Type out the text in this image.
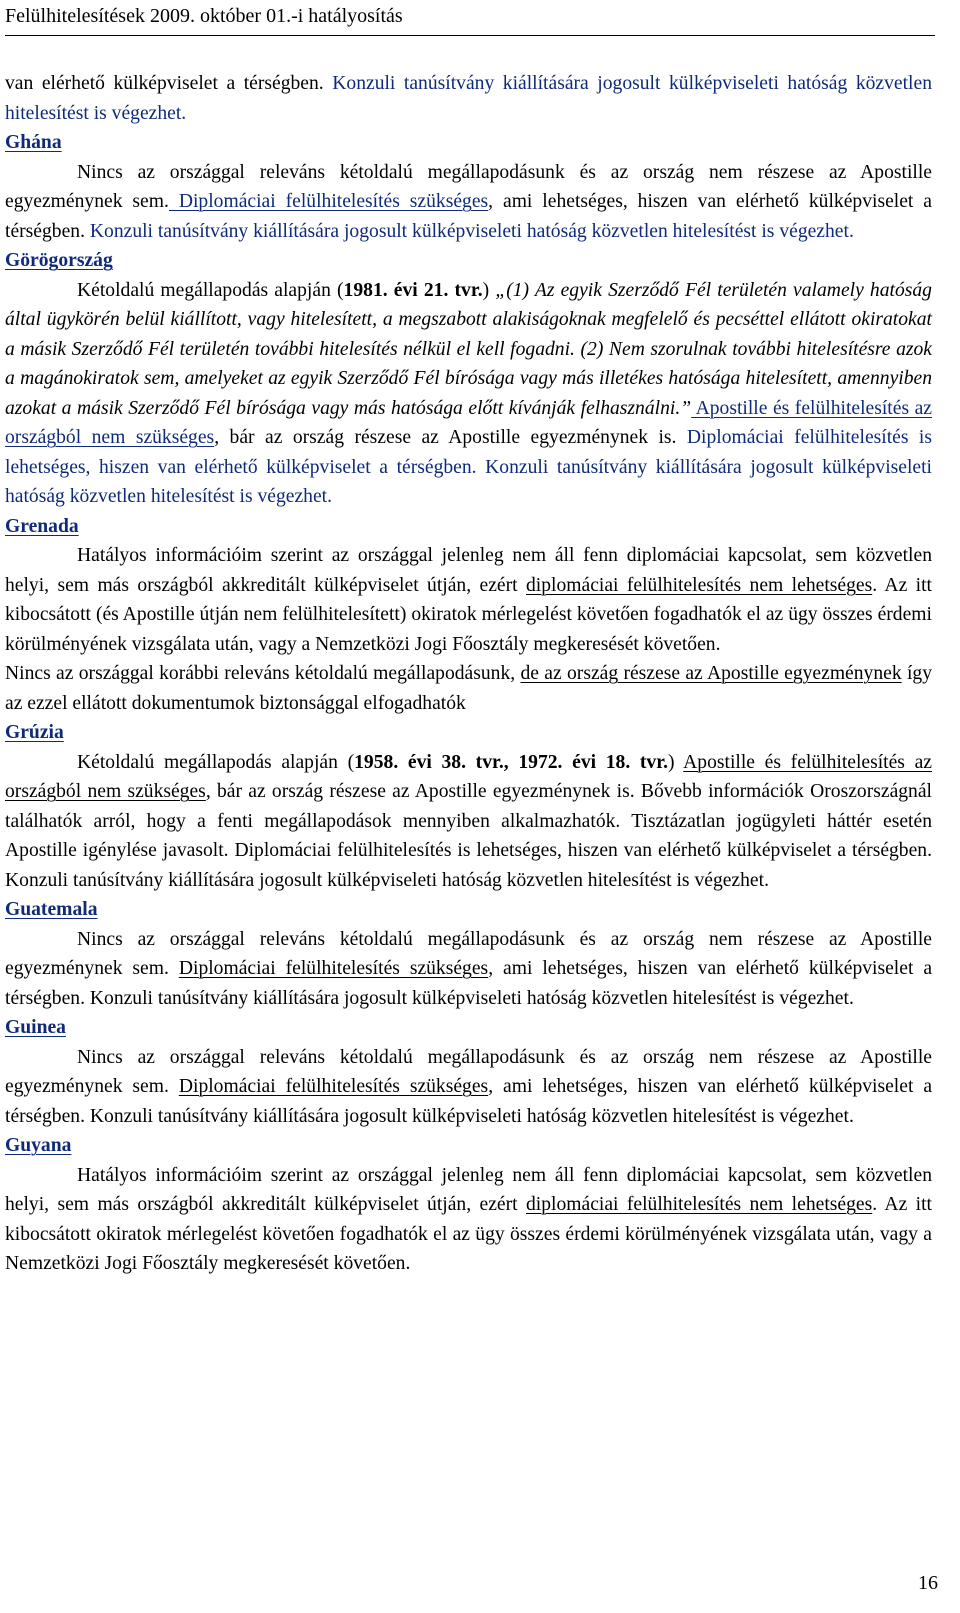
Felülhitelesítések 2009. október 01.-i hatályosítás

van elérhető külképviselet a térségben. Konzuli tanúsítvány kiállítására jogosult külképviseleti hatóság közvetlen hitelesítést is végezhet.

Ghána

Nincs az országgal releváns kétoldalú megállapodásunk és az ország nem részese az Apostille egyezménynek sem. Diplomáciai felülhitelesítés szükséges, ami lehetséges, hiszen van elérhető külképviselet a térségben. Konzuli tanúsítvány kiállítására jogosult külképviseleti hatóság közvetlen hitelesítést is végezhet.

Görögország

Kétoldalú megállapodás alapján (1981. évi 21. tvr.) „(1) Az egyik Szerződő Fél területén valamely hatóság által ügykörén belül kiállított, vagy hitelesített, a megszabott alakiságoknak megfelelő és pecséttel ellátott okiratokat a másik Szerződő Fél területén további hitelesítés nélkül el kell fogadni. (2) Nem szorulnak további hitelesítésre azok a magánokiratok sem, amelyeket az egyik Szerződő Fél bírósága vagy más illetékes hatósága hitelesített, amennyiben azokat a másik Szerződő Fél bírósága vagy más hatósága előtt kívánják felhasználni.” Apostille és felülhitelesítés az országból nem szükséges, bár az ország részese az Apostille egyezménynek is. Diplomáciai felülhitelesítés is lehetséges, hiszen van elérhető külképviselet a térségben. Konzuli tanúsítvány kiállítására jogosult külképviseleti hatóság közvetlen hitelesítést is végezhet.

Grenada

Hatályos információim szerint az országgal jelenleg nem áll fenn diplomáciai kapcsolat, sem közvetlen helyi, sem más országból akkreditált külképviselet útján, ezért diplomáciai felülhitelesítés nem lehetséges. Az itt kibocsátott (és Apostille útján nem felülhitelesített) okiratok mérlegelést követően fogadhatók el az ügy összes érdemi körülményének vizsgálata után, vagy a Nemzetközi Jogi Főosztály megkeresését követően.

Nincs az országgal korábbi releváns kétoldalú megállapodásunk, de az ország részese az Apostille egyezménynek így az ezzel ellátott dokumentumok biztonsággal elfogadhatók

Grúzia

Kétoldalú megállapodás alapján (1958. évi 38. tvr., 1972. évi 18. tvr.) Apostille és felülhitelesítés az országból nem szükséges, bár az ország részese az Apostille egyezménynek is. Bővebb információk Oroszországnál találhatók arról, hogy a fenti megállapodások mennyiben alkalmazhatók. Tisztázatlan jogügyleti háttér esetén Apostille igénylése javasolt. Diplomáciai felülhitelesítés is lehetséges, hiszen van elérhető külképviselet a térségben. Konzuli tanúsítvány kiállítására jogosult külképviseleti hatóság közvetlen hitelesítést is végezhet.

Guatemala

Nincs az országgal releváns kétoldalú megállapodásunk és az ország nem részese az Apostille egyezménynek sem. Diplomáciai felülhitelesítés szükséges, ami lehetséges, hiszen van elérhető külképviselet a térségben. Konzuli tanúsítvány kiállítására jogosult külképviseleti hatóság közvetlen hitelesítést is végezhet.

Guinea

Nincs az országgal releváns kétoldalú megállapodásunk és az ország nem részese az Apostille egyezménynek sem. Diplomáciai felülhitelesítés szükséges, ami lehetséges, hiszen van elérhető külképviselet a térségben. Konzuli tanúsítvány kiállítására jogosult külképviseleti hatóság közvetlen hitelesítést is végezhet.

Guyana

Hatályos információim szerint az országgal jelenleg nem áll fenn diplomáciai kapcsolat, sem közvetlen helyi, sem más országból akkreditált külképviselet útján, ezért diplomáciai felülhitelesítés nem lehetséges. Az itt kibocsátott okiratok mérlegelést követően fogadhatók el az ügy összes érdemi körülményének vizsgálata után, vagy a Nemzetközi Jogi Főosztály megkeresését követően.

16
